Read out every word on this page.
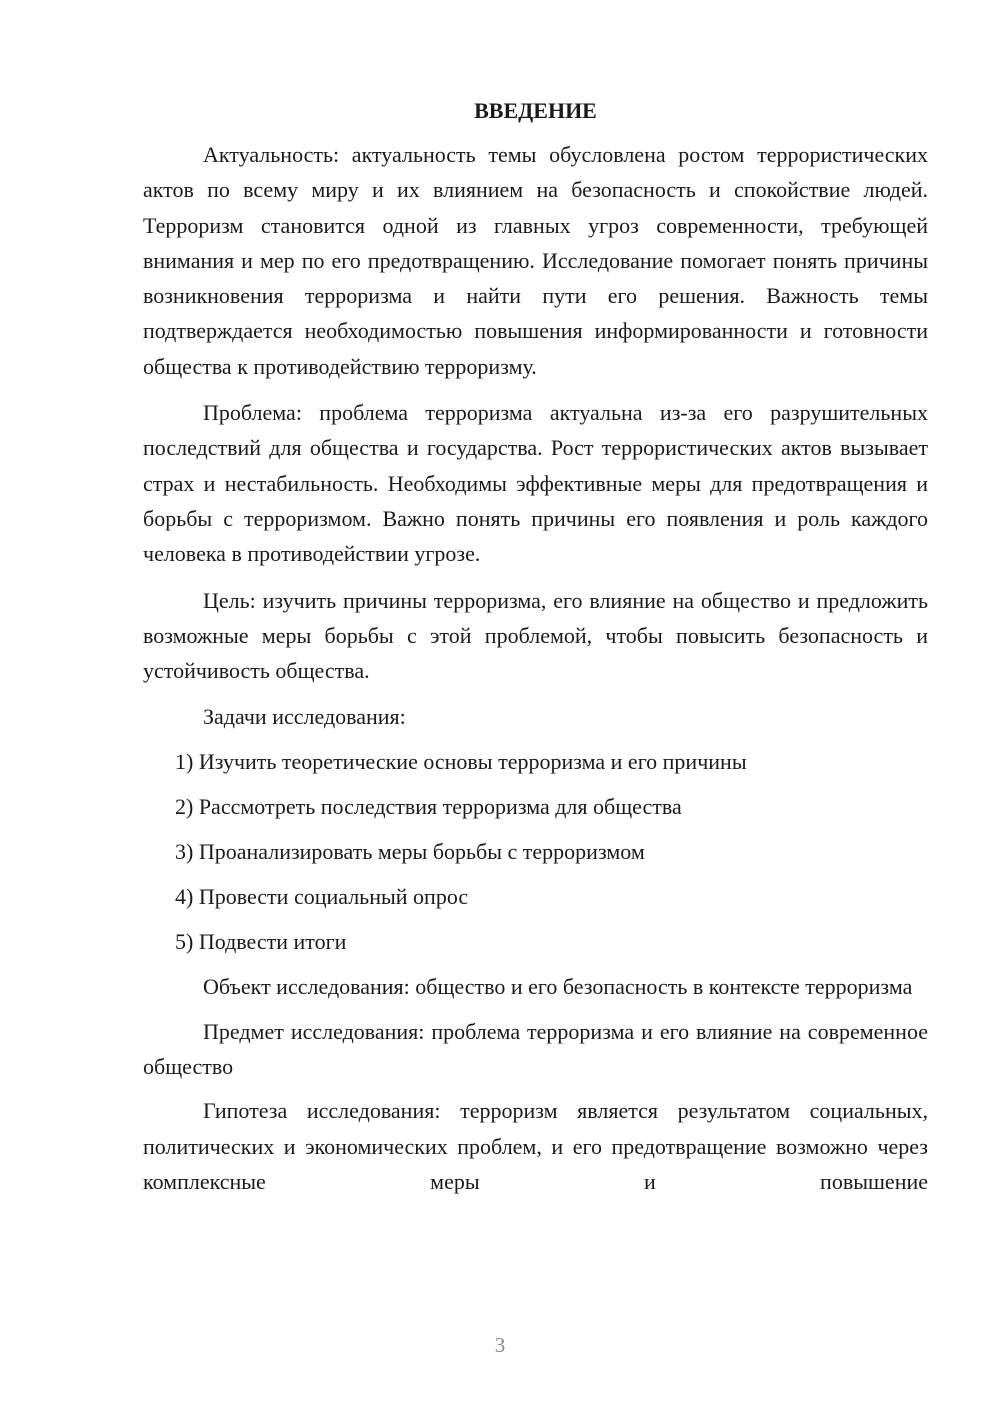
ВВЕДЕНИЕ

Актуальность: актуальность темы обусловлена ростом террористических актов по всему миру и их влиянием на безопасность и спокойствие людей. Терроризм становится одной из главных угроз современности, требующей внимания и мер по его предотвращению. Исследование помогает понять причины возникновения терроризма и найти пути его решения. Важность темы подтверждается необходимостью повышения информированности и готовности общества к противодействию терроризму.

Проблема: проблема терроризма актуальна из-за его разрушительных последствий для общества и государства. Рост террористических актов вызывает страх и нестабильность. Необходимы эффективные меры для предотвращения и борьбы с терроризмом. Важно понять причины его появления и роль каждого человека в противодействии угрозе.

Цель: изучить причины терроризма, его влияние на общество и предложить возможные меры борьбы с этой проблемой, чтобы повысить безопасность и устойчивость общества.

Задачи исследования:
1) Изучить теоретические основы терроризма и его причины
2) Рассмотреть последствия терроризма для общества
3) Проанализировать меры борьбы с терроризмом
4) Провести социальный опрос
5) Подвести итоги

Объект исследования: общество и его безопасность в контексте терроризма

Предмет исследования: проблема терроризма и его влияние на современное общество

Гипотеза исследования: терроризм является результатом социальных, политических и экономических проблем, и его предотвращение возможно через комплексные меры и повышение

3
